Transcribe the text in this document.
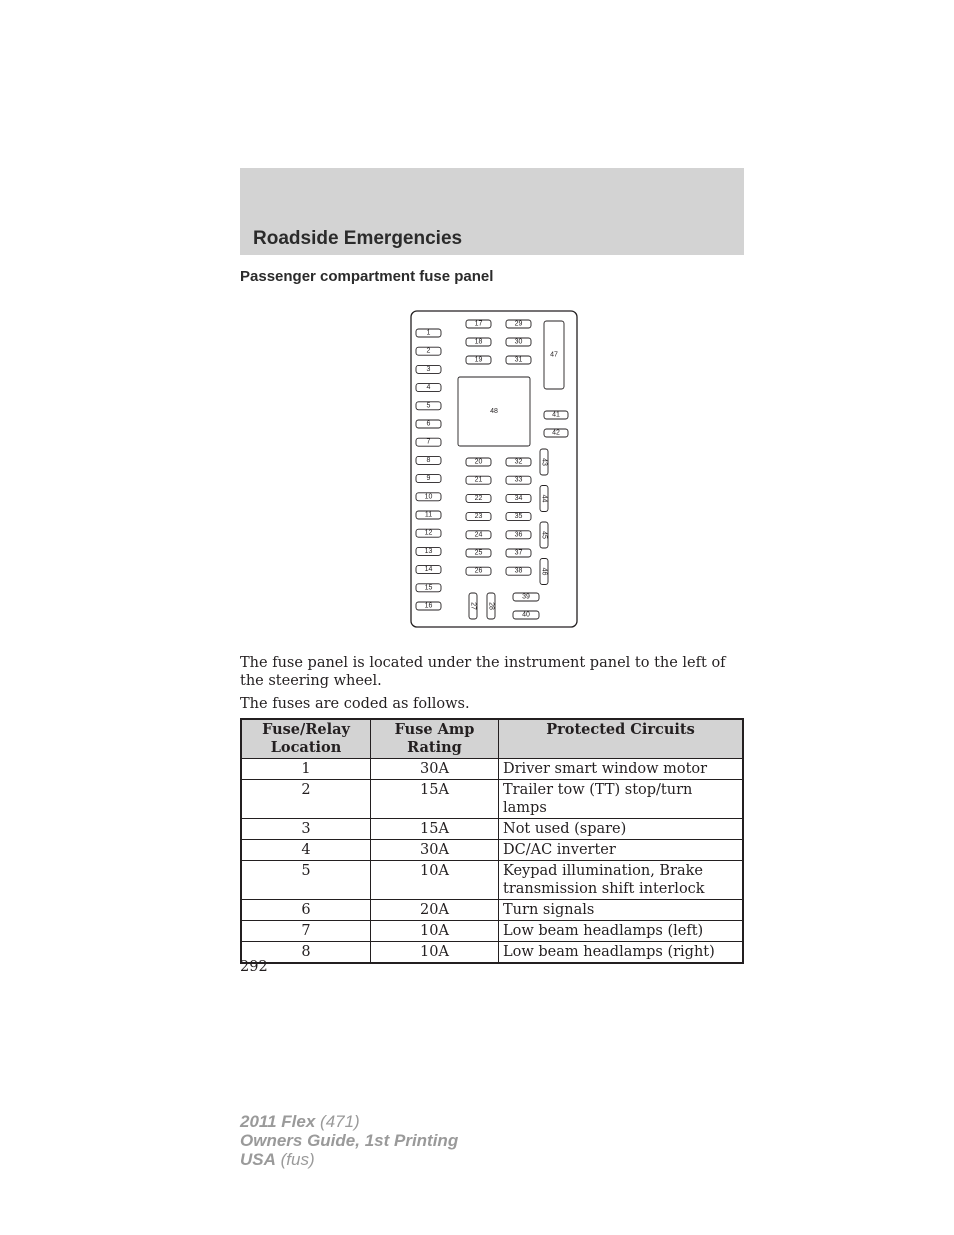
Roadside Emergencies
Passenger compartment fuse panel
1
2
3
4
5
6
7
8
9
10
11
12
13
14
15
16
17
18
19
29
30
31
47
48	41
42
20
21
22
23
24
25
26
32
33
34
35
36
37
38
43
44
45
46
27 28
39
40
The fuse panel is located under the instrument panel to the left of the steering wheel.
The fuses are coded as follows.
Fuse/Relay Location	Fuse Amp Rating	Protected Circuits
1	30A	Driver smart window motor
2	15A	Trailer tow (TT) stop/turn lamps
3	15A	Not used (spare)
4	30A	DC/AC inverter
5	10A	Keypad illumination, Brake transmission shift interlock
6	20A	Turn signals
7	10A	Low beam headlamps (left)
8	10A	Low beam headlamps (right)
292
2011 Flex (471)
Owners Guide, 1st Printing
USA (fus)
